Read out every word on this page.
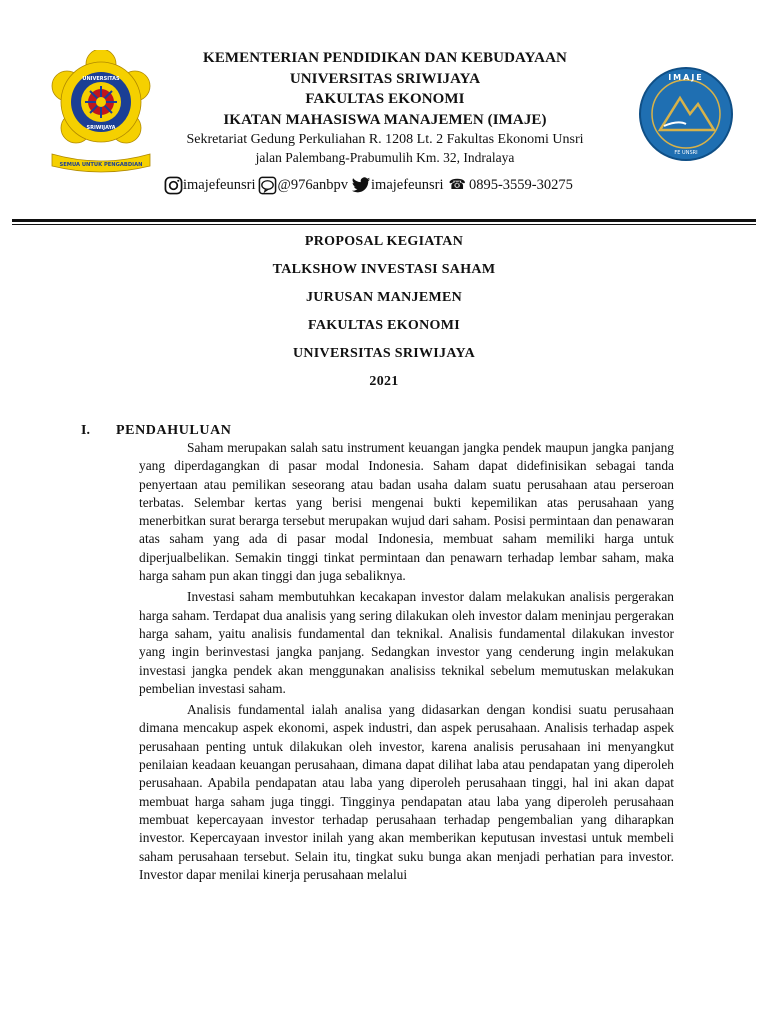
UNIVERSITAS
SRIWIJAYA
SEMUA UNTUK PENGABDIAN
IMAJE
FE UNSRI
KEMENTERIAN PENDIDIKAN DAN KEBUDAYAAN
UNIVERSITAS SRIWIJAYA
FAKULTAS EKONOMI
IKATAN MAHASISWA MANAJEMEN (IMAJE)
Sekretariat Gedung Perkuliahan R. 1208 Lt. 2 Fakultas Ekonomi Unsri
jalan Palembang-Prabumulih Km. 32, Indralaya
imajefeunsri @976anbpv imajefeunsri ☎ 0895-3559-30275
PROPOSAL KEGIATAN
TALKSHOW INVESTASI SAHAM
JURUSAN MANJEMEN
FAKULTAS EKONOMI
UNIVERSITAS SRIWIJAYA
2021
I. PENDAHULUAN

Saham merupakan salah satu instrument keuangan jangka pendek maupun jangka panjang yang diperdagangkan di pasar modal Indonesia. Saham dapat didefinisikan sebagai tanda penyertaan atau pemilikan seseorang atau badan usaha dalam suatu perusahaan atau perseroan terbatas. Selembar kertas yang berisi mengenai bukti kepemilikan atas perusahaan yang menerbitkan surat berarga tersebut merupakan wujud dari saham. Posisi permintaan dan penawaran atas saham yang ada di pasar modal Indonesia, membuat saham memiliki harga untuk diperjualbelikan. Semakin tinggi tinkat permintaan dan penawarn terhadap lembar saham, maka harga saham pun akan tinggi dan juga sebaliknya.

Investasi saham membutuhkan kecakapan investor dalam melakukan analisis pergerakan harga saham. Terdapat dua analisis yang sering dilakukan oleh investor dalam meninjau pergerakan harga saham, yaitu analisis fundamental dan teknikal. Analisis fundamental dilakukan investor yang ingin berinvestasi jangka panjang. Sedangkan investor yang cenderung ingin melakukan investasi jangka pendek akan menggunakan analisiss teknikal sebelum memutuskan melakukan pembelian investasi saham.

Analisis fundamental ialah analisa yang didasarkan dengan kondisi suatu perusahaan dimana mencakup aspek ekonomi, aspek industri, dan aspek perusahaan. Analisis terhadap aspek perusahaan penting untuk dilakukan oleh investor, karena analisis perusahaan ini menyangkut penilaian keadaan keuangan perusahaan, dimana dapat dilihat laba atau pendapatan yang diperoleh perusahaan. Apabila pendapatan atau laba yang diperoleh perusahaan tinggi, hal ini akan dapat membuat harga saham juga tinggi. Tingginya pendapatan atau laba yang diperoleh perusahaan membuat kepercayaan investor terhadap perusahaan terhadap pengembalian yang diharapkan investor. Kepercayaan investor inilah yang akan memberikan keputusan investasi untuk membeli saham perusahaan tersebut. Selain itu, tingkat suku bunga akan menjadi perhatian para investor. Investor dapar menilai kinerja perusahaan melalui
